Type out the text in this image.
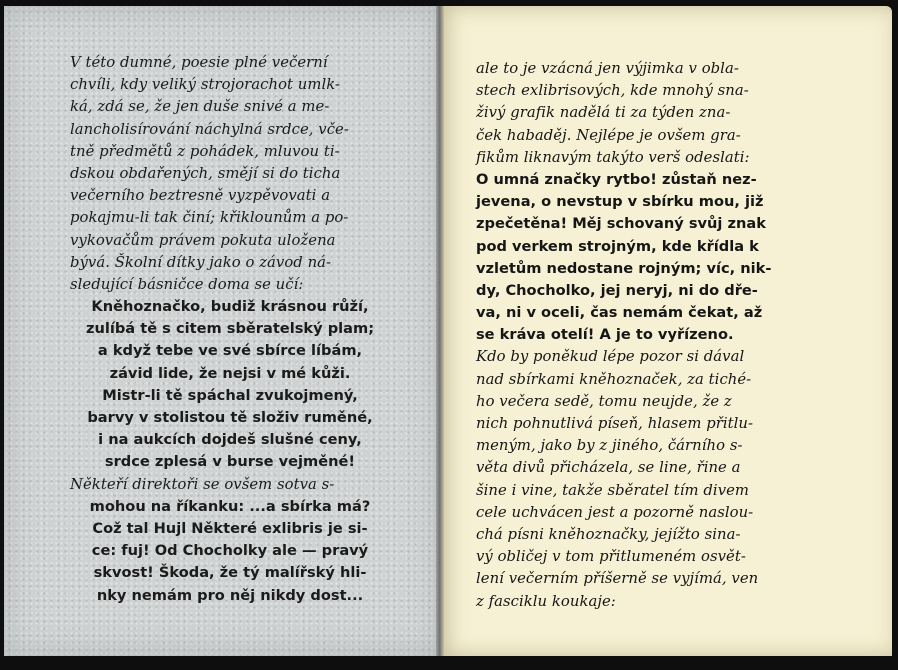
V této dumné, poesie plné večerní
chvíli, kdy veliký strojorachot umlk-
ká, zdá se, že jen duše snivé a me-
lancholisírování náchylná srdce, vče-
tně předmětů z pohádek, mluvou ti-
dskou obdařených, smějí si do ticha
večerního beztresně vyzpěvovati a
pokajmu-li tak činí; křiklounům a po-
vykovačům právem pokuta uložena
bývá. Školní dítky jako o závod ná-
sledující básničce doma se učí:
Kněhoznačko, budiž krásnou růží,
zulíbá tě s citem sběratelský plam;
a když tebe ve své sbírce líbám,
závid lide, že nejsi v mé kůži.
Mistr-li tě spáchal zvukojmený,
barvy v stolistou tě složiv ruměné,
i na aukcích dojdeš slušné ceny,
srdce zplesá v burse vejměné!
Někteří direktoři se ovšem sotva s-
mohou na říkanku: ...a sbírka má?
Což tal Hujl Některé exlibris je si-
ce: fuj! Od Chocholky ale — pravý
skvost! Škoda, že tý malířský hli-
nky nemám pro něj nikdy dost...
ale to je vzácná jen výjimka v obla-
stech exlibrisových, kde mnohý sna-
živý grafik nadělá ti za týden zna-
ček habaděj. Nejlépe je ovšem gra-
fikům liknavým takýto verš odeslati:
O umná značky rytbo! zůstaň nez-
jevena, o nevstup v sbírku mou, již
zpečetěna! Měj schovaný svůj znak
pod verkem strojným, kde křídla k
vzletům nedostane rojným; víc, nik-
dy, Chocholko, jej neryj, ni do dře-
va, ni v oceli, čas nemám čekat, až
se kráva otelí! A je to vyřízeno.
Kdo by poněkud lépe pozor si dával
nad sbírkami kněhoznaček, za tiché-
ho večera sedě, tomu neujde, že z
nich pohnutlivá píseň, hlasem přitlu-
meným, jako by z jiného, čárního s-
věta divů přicházela, se line, řine a
šine i vine, takže sběratel tím divem
cele uchvácen jest a pozorně naslou-
chá písni kněhoznačky, jejížto sina-
vý obličej v tom přitlumeném osvět-
lení večerním příšerně se vyjímá, ven
z fasciklu koukaje:
